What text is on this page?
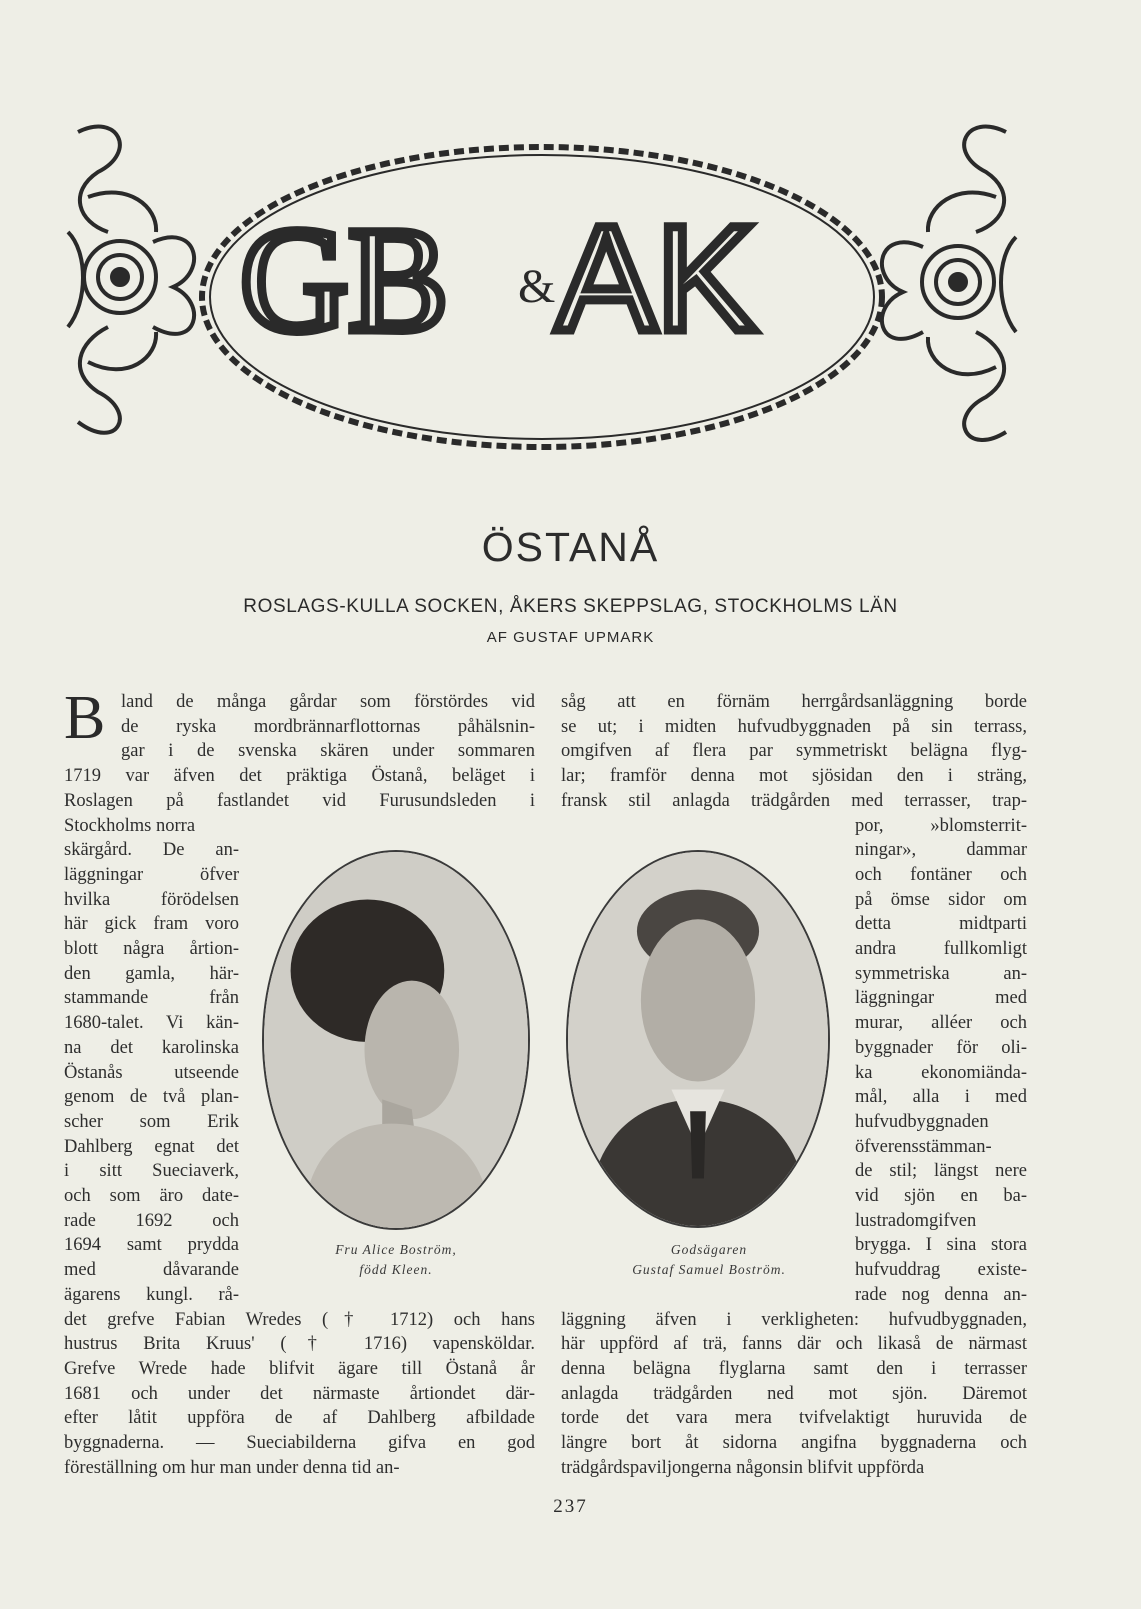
GB & AK
ÖSTANÅ
ROSLAGS-KULLA SOCKEN, ÅKERS SKEPPSLAG, STOCKHOLMS LÄN
AF GUSTAF UPMARK
B land de många gårdar som förstördes vid
de ryska mordbrännarflottornas påhälsnin-
gar i de svenska skären under sommaren
1719 var äfven det präktiga Östanå, beläget i
Roslagen på fastlandet vid Furusundsleden i
Stockholms norra
skärgård. De an-
läggningar öfver
hvilka förödelsen
här gick fram voro
blott några årtion-
den gamla, här-
stammande från
1680-talet. Vi kän-
na det karolinska
Östanås utseende
genom de två plan-
scher som Erik
Dahlberg egnat det
i sitt Sueciaverk,
och som äro date-
rade 1692 och
1694 samt prydda
med dåvarande
ägarens kungl. rå-
det grefve Fabian Wredes († 1712) och hans
hustrus Brita Kruus' († 1716) vapensköldar.
Grefve Wrede hade blifvit ägare till Östanå år
1681 och under det närmaste årtiondet där-
efter låtit uppföra de af Dahlberg afbildade
byggnaderna. — Sueciabilderna gifva en god
föreställning om hur man under denna tid an-
såg att en förnäm herrgårdsanläggning borde
se ut; i midten hufvudbyggnaden på sin terrass,
omgifven af flera par symmetriskt belägna flyg-
lar; framför denna mot sjösidan den i sträng,
fransk stil anlagda trädgården med terrasser, trap-
por, »blomsterrit-
ningar», dammar
och fontäner och
på ömse sidor om
detta midtparti
andra fullkomligt
symmetriska an-
läggningar med
murar, alléer och
byggnader för oli-
ka ekonomiända-
mål, alla i med
hufvudbyggnaden
öfverensstämman-
de stil; längst nere
vid sjön en ba-
lustradomgifven
brygga. I sina stora
hufvuddrag existe-
rade nog denna an-
läggning äfven i verkligheten: hufvudbyggnaden,
här uppförd af trä, fanns där och likaså de närmast
denna belägna flyglarna samt den i terrasser
anlagda trädgården ned mot sjön. Däremot
torde det vara mera tvifvelaktigt huruvida de
längre bort åt sidorna angifna byggnaderna och
trädgårdspaviljongerna någonsin blifvit uppförda
Fru Alice Boström,
född Kleen.
Godsägaren
Gustaf Samuel Boström.
237
